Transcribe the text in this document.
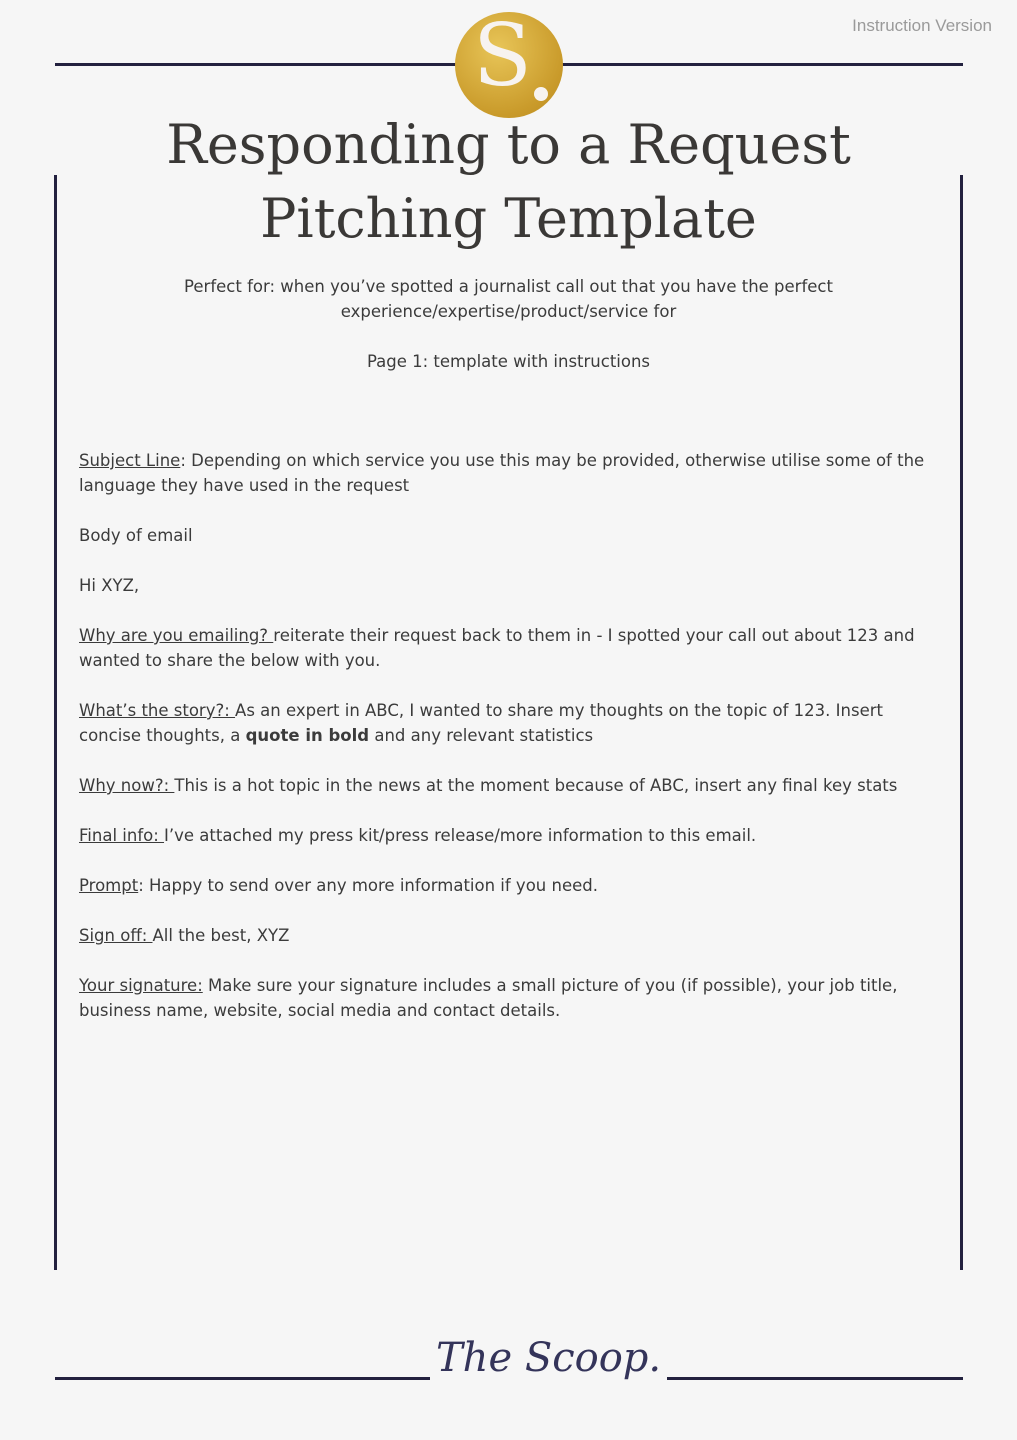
Instruction Version
S
Responding to a Request Pitching Template
Perfect for: when you’ve spotted a journalist call out that you have the perfect experience/expertise/product/service for
Page 1: template with instructions

Subject Line: Depending on which service you use this may be provided, otherwise utilise some of the language they have used in the request

Body of email

Hi XYZ,

Why are you emailing? reiterate their request back to them in - I spotted your call out about 123 and wanted to share the below with you.

What’s the story?: As an expert in ABC, I wanted to share my thoughts on the topic of 123. Insert concise thoughts, a quote in bold and any relevant statistics

Why now?: This is a hot topic in the news at the moment because of ABC, insert any final key stats

Final info: I’ve attached my press kit/press release/more information to this email.

Prompt: Happy to send over any more information if you need.

Sign off: All the best, XYZ

Your signature: Make sure your signature includes a small picture of you (if possible), your job title, business name, website, social media and contact details.

The Scoop.
